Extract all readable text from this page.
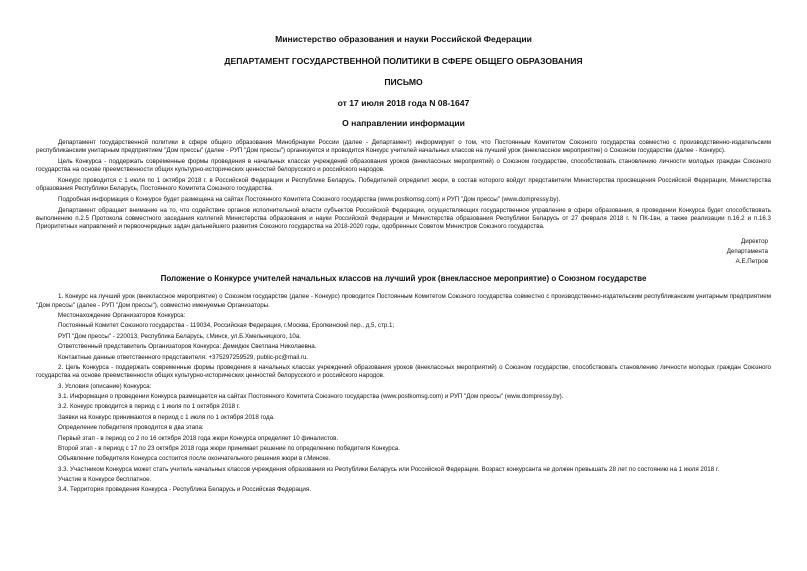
Министерство образования и науки Российской Федерации
ДЕПАРТАМЕНТ ГОСУДАРСТВЕННОЙ ПОЛИТИКИ В СФЕРЕ ОБЩЕГО ОБРАЗОВАНИЯ
ПИСЬМО
от 17 июля 2018 года N 08-1647
О направлении информации

Департамент государственной политики в сфере общего образования Минобрнауки России (далее - Департамент) информирует о том, что Постоянным Комитетом Союзного государства совместно с производственно-издательским республиканским унитарным предприятием "Дом прессы" (далее - РУП "Дом прессы") организуется и проводится Конкурс учителей начальных классов на лучший урок (внеклассное мероприятие) о Союзном государстве (далее - Конкурс).

Цель Конкурса - поддержать современные формы проведения в начальных классах учреждений образования уроков (внеклассных мероприятий) о Союзном государстве, способствовать становлению личности молодых граждан Союзного государства на основе преемственности общих культурно-исторических ценностей белорусского и российского народов.

Конкурс проводится с 1 июля по 1 октября 2018 г. в Российской Федерации и Республике Беларусь. Победителей определит жюри, в состав которого войдут представители Министерства просвещения Российской Федерации, Министерства образования Республики Беларусь, Постоянного Комитета Союзного государства.

Подробная информация о Конкурсе будет размещена на сайтах Постоянного Комитета Союзного государства (www.postkomsg.com) и РУП "Дом прессы" (www.dompressy.by).

Департамент обращает внимание на то, что содействие органов исполнительной власти субъектов Российской Федерации, осуществляющих государственное управление в сфере образования, в проведении Конкурса будет способствовать выполнению п.2.5 Протокола совместного заседания коллегий Министерства образования и науки Российской Федерации и Министерства образования Республики Беларусь от 27 февраля 2018 г. N ПК-1вн, а также реализации п.16.2 и п.16.3 Приоритетных направлений и первоочередных задач дальнейшего развития Союзного государства на 2018-2020 годы, одобренных Советом Министров Союзного государства.

Директор
Департамента
А.Е.Петров
Положение о Конкурсе учителей начальных классов на лучший урок (внеклассное мероприятие) о Союзном государстве

1. Конкурс на лучший урок (внеклассное мероприятие) о Союзном государстве (далее - Конкурс) проводится Постоянным Комитетом Союзного государства совместно с производственно-издательским республиканским унитарным предприятием "Дом прессы" (далее - РУП "Дом прессы"), совместно именуемые Организаторы.

Местонахождение Организаторов Конкурса:

Постоянный Комитет Союзного государства - 119034, Российская Федерация, г.Москва, Еропкинский пер., д.5, стр.1;

РУП "Дом прессы" - 220013, Республика Беларусь, г.Минск, ул.Б.Хмельницкого, 10а.

Ответственный представитель Организаторов Конкурса: Демидюк Светлана Николаевна.

Контактные данные ответственного представителя: +375297259529, public-pc@mail.ru.

2. Цель Конкурса - поддержать современные формы проведения в начальных классах учреждений образования уроков (внеклассных мероприятий) о Союзном государстве, способствовать становлению личности молодых граждан Союзного государства на основе преемственности общих культурно-исторических ценностей белорусского и российского народов.

3. Условия (описание) Конкурса:

3.1. Информация о проведении Конкурса размещается на сайтах Постоянного Комитета Союзного государства (www.postkomsg.com) и РУП "Дом прессы" (www.dompressy.by).

3.2. Конкурс проводится в период с 1 июля по 1 октября 2018 г.

Заявки на Конкурс принимаются в период с 1 июля по 1 октября 2018 года.

Определение победителя проводится в два этапа:

Первый этап - в период со 2 по 16 октября 2018 года жюри Конкурса определяет 10 финалистов.

Второй этап - в период с 17 по 23 октября 2018 года жюри принимает решение по определению победителя Конкурса.

Объявление победителя Конкурса состоится после окончательного решения жюри в г.Минске.

3.3. Участником Конкурса может стать учитель начальных классов учреждения образования из Республики Беларусь или Российской Федерации. Возраст конкурсанта не должен превышать 28 лет по состоянию на 1 июля 2018 г.

Участие в Конкурсе бесплатное.

3.4. Территория проведения Конкурса - Республика Беларусь и Российская Федерация.
